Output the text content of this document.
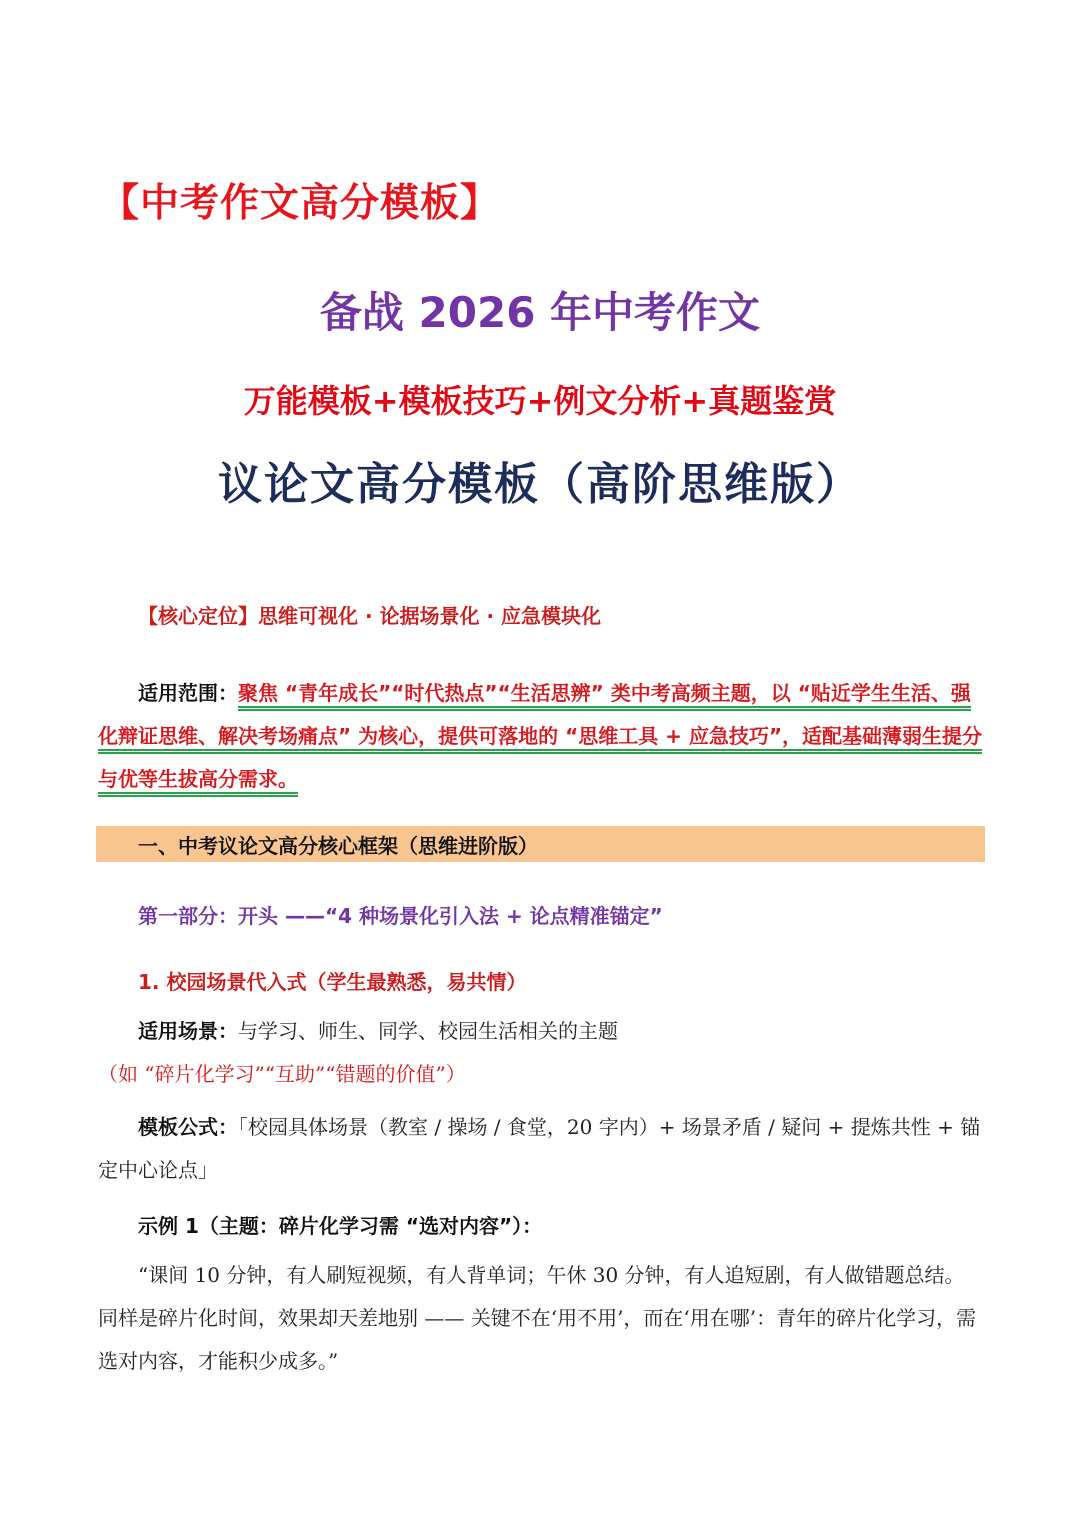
【中考作文高分模板】
备战 2026 年中考作文
万能模板+模板技巧+例文分析+真题鉴赏
议论文高分模板（高阶思维版）
【核心定位】思维可视化 · 论据场景化 · 应急模块化
适用范围：聚焦 “青年成长”“时代热点”“生活思辨” 类中考高频主题，以 “贴近学生生活、强化辩证思维、解决考场痛点” 为核心，提供可落地的 “思维工具 + 应急技巧”，适配基础薄弱生提分与优等生拔高分需求。
一、中考议论文高分核心框架（思维进阶版）
第一部分：开头 ——“4 种场景化引入法 + 论点精准锚定”
1. 校园场景代入式（学生最熟悉，易共情）
适用场景：与学习、师生、同学、校园生活相关的主题（如 “碎片化学习”“互助”“错题的价值”）
模板公式：「校园具体场景（教室 / 操场 / 食堂，20 字内）+ 场景矛盾 / 疑问 + 提炼共性 + 锚定中心论点」
示例 1（主题：碎片化学习需 “选对内容”）：
“课间 10 分钟，有人刷短视频，有人背单词；午休 30 分钟，有人追短剧，有人做错题总结。同样是碎片化时间，效果却天差地别 —— 关键不在‘用不用’，而在‘用在哪’：青年的碎片化学习，需选对内容，才能积少成多。”
